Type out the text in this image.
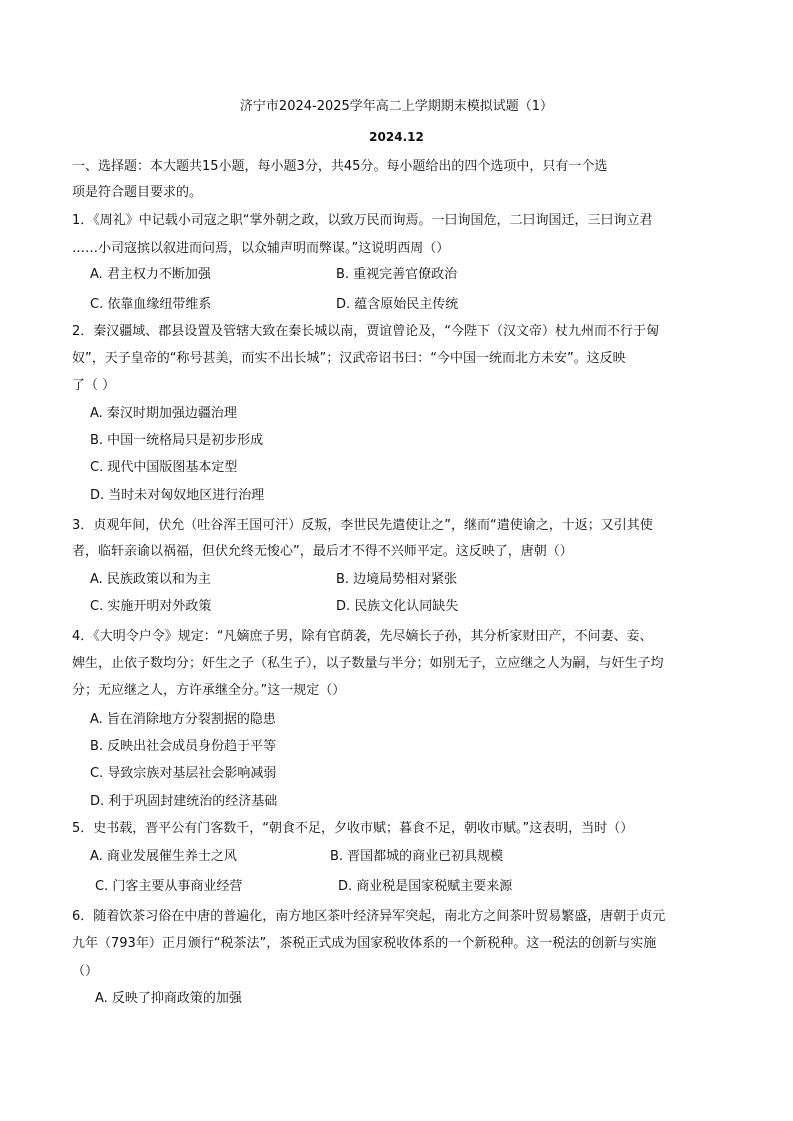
济宁市2024-2025学年高二上学期期末模拟试题（1）
2024.12
一、选择题：本大题共15小题，每小题3分，共45分。每小题给出的四个选项中，只有一个选
项是符合题目要求的。
1．《周礼》中记载小司寇之职“掌外朝之政，以致万民而询焉。一曰询国危，二曰询国迁，三曰询立君
……小司寇摈以叙进而问焉，以众辅声明而弊谋。”这说明西周（）
A. 君主权力不断加强	B. 重视完善官僚政治
C. 依靠血缘纽带维系	D. 蕴含原始民主传统
2．秦汉疆域、郡县设置及管辖大致在秦长城以南，贾谊曾论及，“今陛下（汉文帝）杖九州而不行于匈
奴”，天子皇帝的“称号甚美，而实不出长城”；汉武帝诏书曰：“今中国一统而北方未安”。这反映
了（ ）
A. 秦汉时期加强边疆治理
B. 中国一统格局只是初步形成
C. 现代中国版图基本定型
D. 当时未对匈奴地区进行治理
3．贞观年间，伏允（吐谷浑王国可汗）反叛，李世民先遣使让之”，继而“遣使谕之，十返；又引其使
者，临轩亲谕以祸福，但伏允终无悛心”，最后才不得不兴师平定。这反映了，唐朝（）
A. 民族政策以和为主	B. 边境局势相对紧张
C. 实施开明对外政策	D. 民族文化认同缺失
4．《大明令户令》规定：“凡嫡庶子男，除有官荫袭，先尽嫡长子孙，其分析家财田产，不问妻、妾、
婢生，止依子数均分；奸生之子（私生子），以子数量与半分；如别无子，立应继之人为嗣，与奸生子均
分；无应继之人，方许承继全分。”这一规定（）
A. 旨在消除地方分裂割据的隐患
B. 反映出社会成员身份趋于平等
C. 导致宗族对基层社会影响减弱
D. 利于巩固封建统治的经济基础
5．史书载，晋平公有门客数千，“朝食不足，夕收市赋；暮食不足，朝收市赋。”这表明，当时（）
A. 商业发展催生养士之风	B. 晋国都城的商业已初具规模
C. 门客主要从事商业经营	D. 商业税是国家税赋主要来源
6．随着饮茶习俗在中唐的普遍化，南方地区茶叶经济异军突起，南北方之间茶叶贸易繁盛，唐朝于贞元
九年（793年）正月颁行“税茶法”，茶税正式成为国家税收体系的一个新税种。这一税法的创新与实施
（）
A. 反映了抑商政策的加强
